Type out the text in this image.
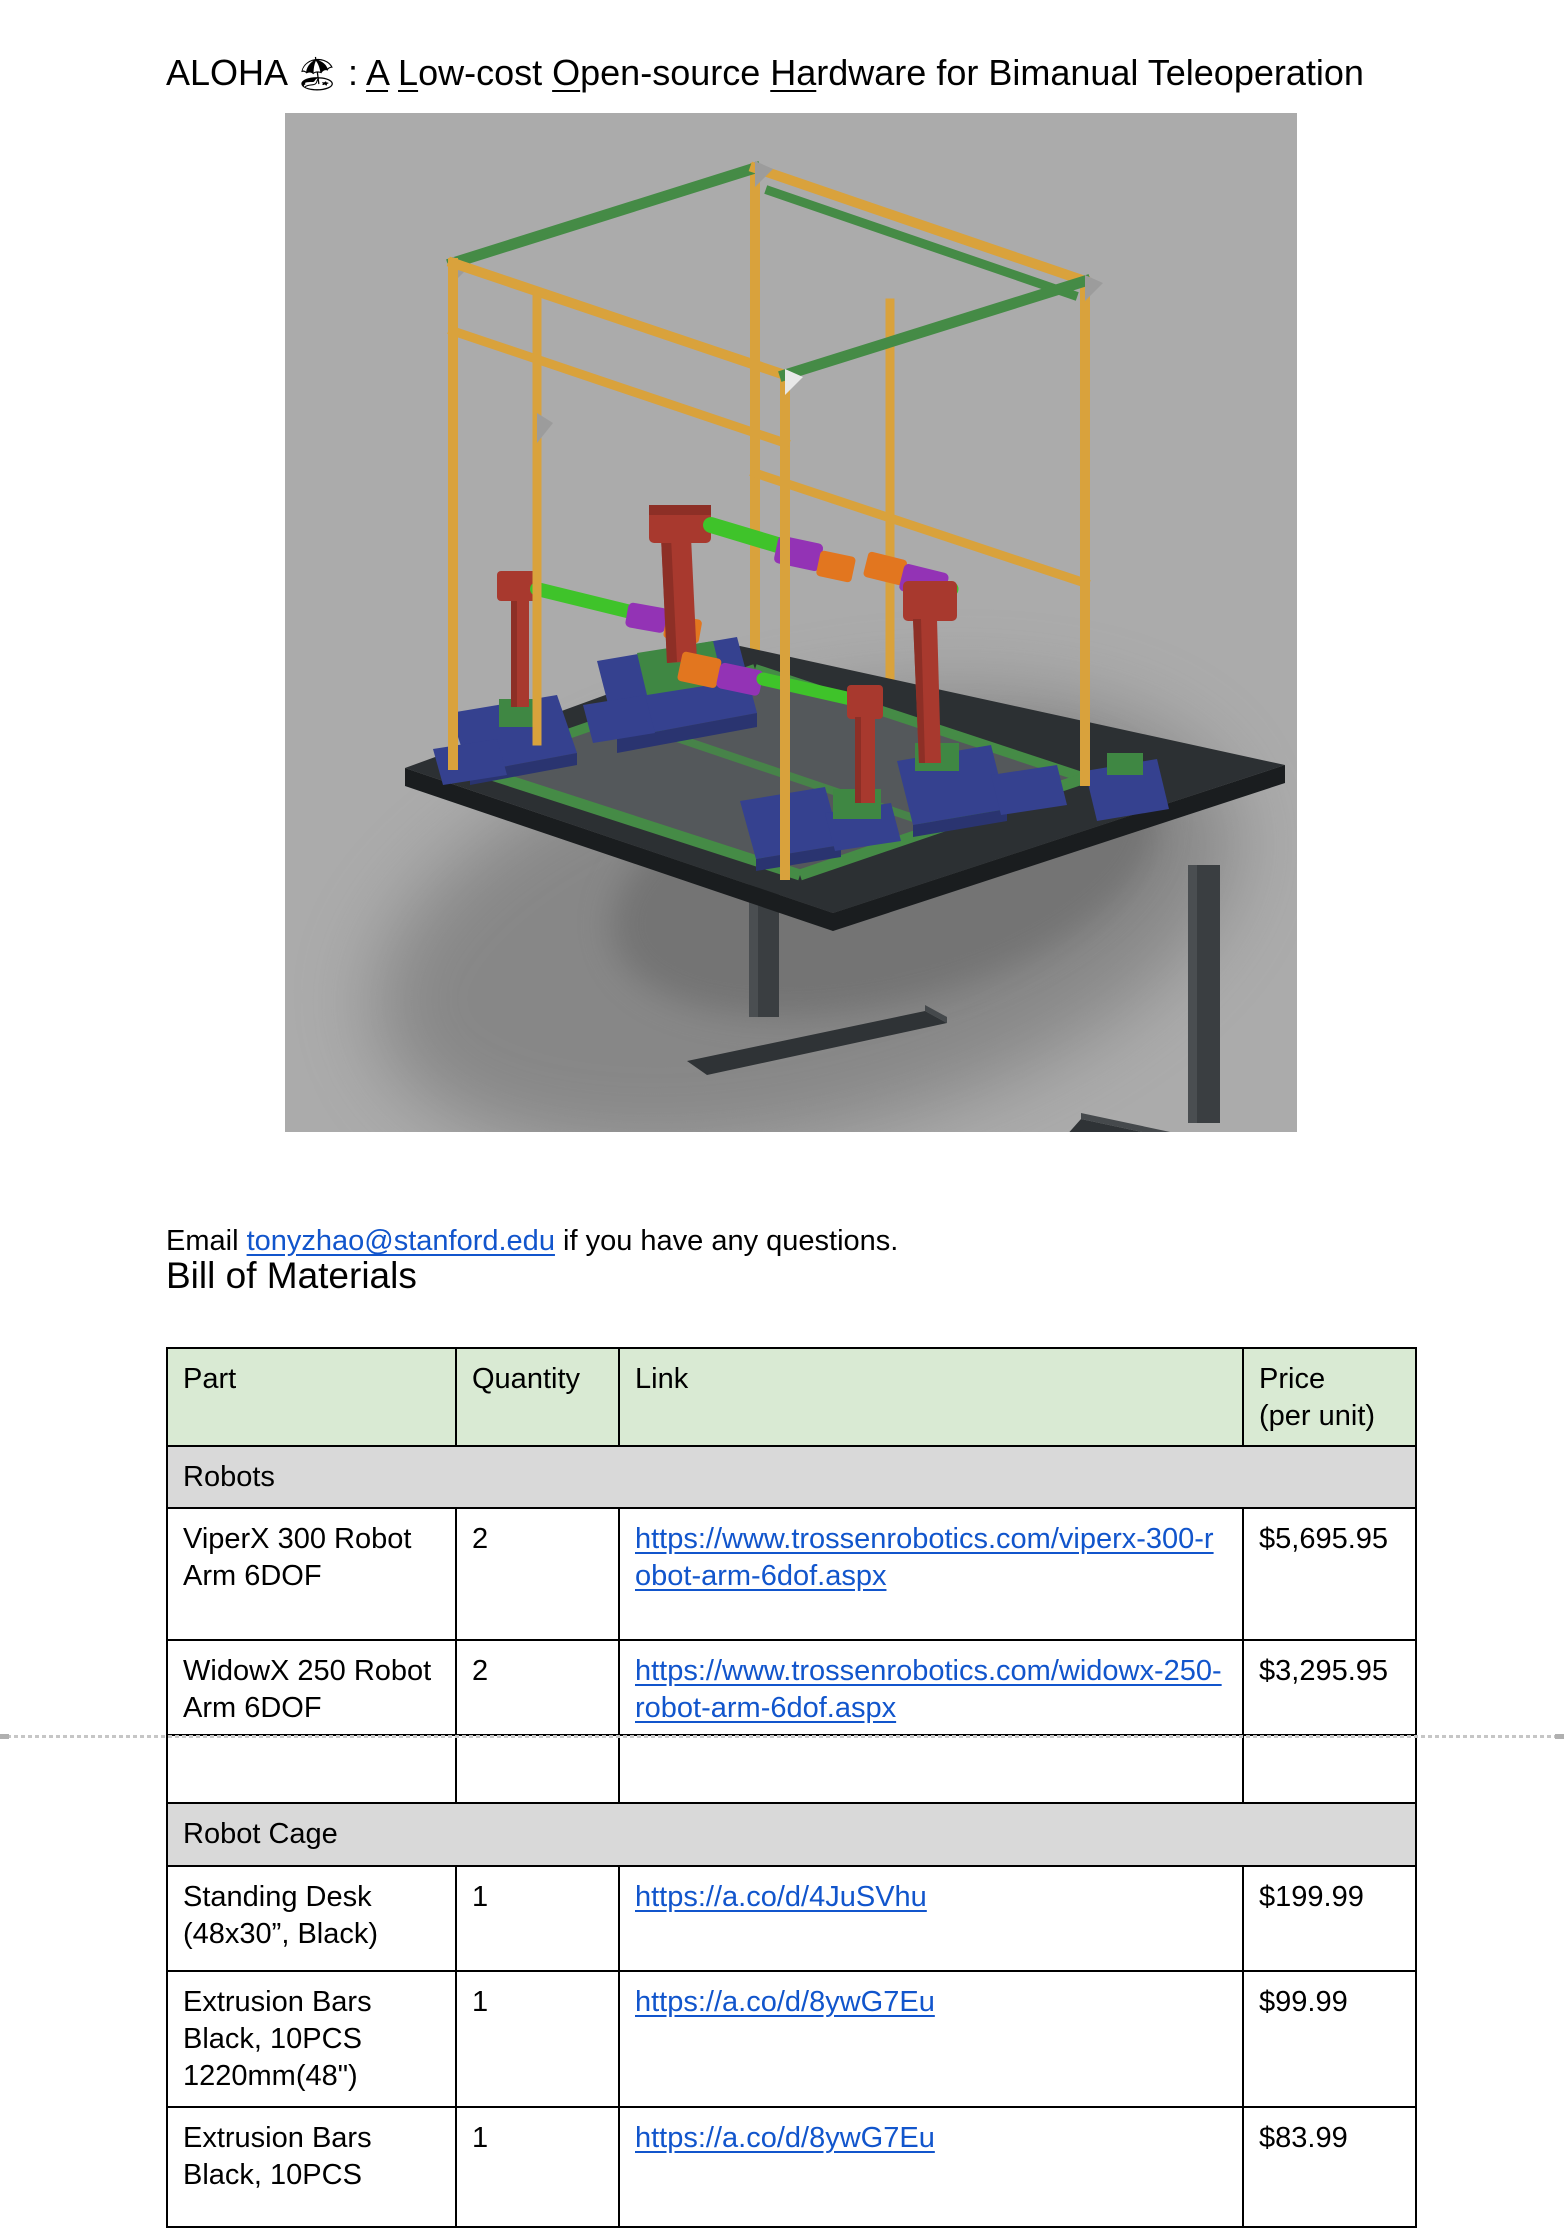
ALOHA 🏖 : A Low-cost Open-source Hardware for Bimanual Teleoperation

Email tonyzhao@stanford.edu if you have any questions.

Bill of Materials
Part	Quantity	Link	Price
(per unit)

Robots			
ViperX 300 Robot Arm 6DOF	2	https://www.trossenrobotics.com/viperx-300-robot-arm-6dof.aspx	$5,695.95
WidowX 250 Robot Arm 6DOF	2	https://www.trossenrobotics.com/widowx-250-robot-arm-6dof.aspx	$3,295.95

Robot Cage			
Standing Desk (48x30”, Black)	1	https://a.co/d/4JuSVhu	$199.99
Extrusion Bars Black, 10PCS 1220mm(48")	1	https://a.co/d/8ywG7Eu	$99.99
Extrusion Bars Black, 10PCS	1	https://a.co/d/8ywG7Eu	$83.99
